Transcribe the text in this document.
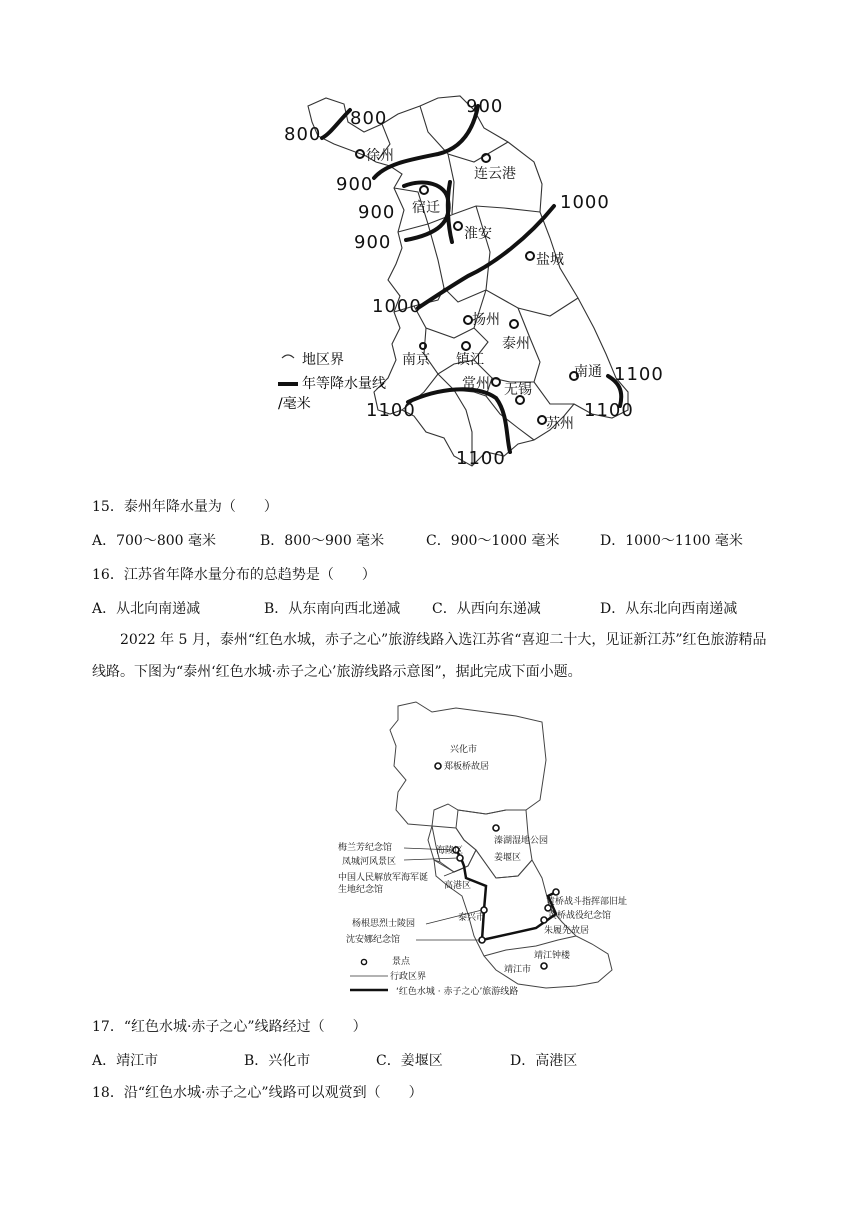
800
800
900
900
900
900
1000
1000
1100
1100
1100
1100
徐州
连云港
宿迁
淮安
盐城
扬州
泰州
南京 镇江
常州 无锡
苏州
南通
地区界
年等降水量线
/毫米
15．泰州年降水量为（　　）
A．700～800 毫米	B．800～900 毫米	C．900～1000 毫米	D．1000～1100 毫米
16．江苏省年降水量分布的总趋势是（　　）
A．从北向南递减	B．从东南向西北递减 C．从西向东递减	D．从东北向西南递减
2022 年 5 月，泰州“红色水城，赤子之心”旅游线路入选江苏省“喜迎二十大，见证新江苏”红色旅游精品线路。下图为“泰州‘红色水城·赤子之心’旅游线路示意图”，据此完成下面小题。
兴化市
郑板桥故居
溱湖湿地公园
姜堰区
海陵区
高港区
泰兴市
靖江市
靖江钟楼
梅兰芳纪念馆
凤城河风景区
中国人民解放军海军诞
生地纪念馆
杨根思烈士陵园
沈安娜纪念馆
黄桥战斗指挥部旧址
黄桥战役纪念馆
朱履先故居
景点
行政区界
‘红色水城 · 赤子之心’旅游线路
17．“红色水城·赤子之心”线路经过（　　）
A．靖江市	B．兴化市	C．姜堰区	D．高港区
18．沿“红色水城·赤子之心”线路可以观赏到（　　）
